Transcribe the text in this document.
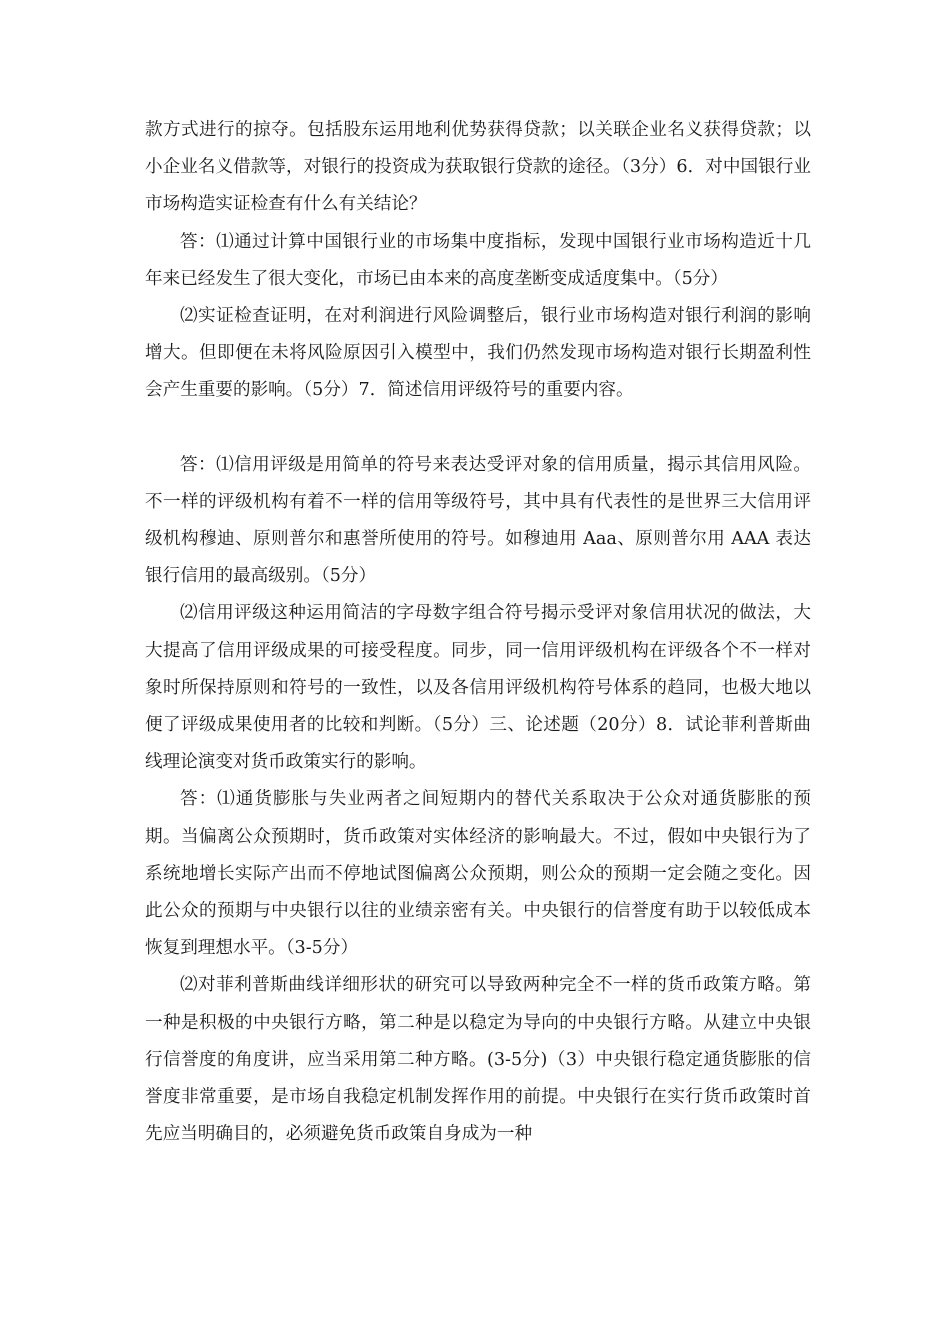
款方式进行的掠夺。包括股东运用地利优势获得贷款；以关联企业名义获得贷款；以小企业名义借款等，对银行的投资成为获取银行贷款的途径。（3分）6．对中国银行业市场构造实证检查有什么有关结论？

答：⑴通过计算中国银行业的市场集中度指标，发现中国银行业市场构造近十几年来已经发生了很大变化，市场已由本来的高度垄断变成适度集中。（5分）

⑵实证检查证明，在对利润进行风险调整后，银行业市场构造对银行利润的影响增大。但即便在未将风险原因引入模型中，我们仍然发现市场构造对银行长期盈利性会产生重要的影响。（5分）7．简述信用评级符号的重要内容。

答：⑴信用评级是用简单的符号来表达受评对象的信用质量，揭示其信用风险。不一样的评级机构有着不一样的信用等级符号，其中具有代表性的是世界三大信用评级机构穆迪、原则普尔和惠誉所使用的符号。如穆迪用 Aaa、原则普尔用 AAA 表达银行信用的最高级别。（5分）

⑵信用评级这种运用简洁的字母数字组合符号揭示受评对象信用状况的做法，大大提高了信用评级成果的可接受程度。同步，同一信用评级机构在评级各个不一样对象时所保持原则和符号的一致性，以及各信用评级机构符号体系的趋同，也极大地以便了评级成果使用者的比较和判断。（5分）三、论述题（20分）8．试论菲利普斯曲线理论演变对货币政策实行的影响。

答：⑴通货膨胀与失业两者之间短期内的替代关系取决于公众对通货膨胀的预期。当偏离公众预期时，货币政策对实体经济的影响最大。不过，假如中央银行为了系统地增长实际产出而不停地试图偏离公众预期，则公众的预期一定会随之变化。因此公众的预期与中央银行以往的业绩亲密有关。中央银行的信誉度有助于以较低成本恢复到理想水平。（3-5分）

⑵对菲利普斯曲线详细形状的研究可以导致两种完全不一样的货币政策方略。第一种是积极的中央银行方略，第二种是以稳定为导向的中央银行方略。从建立中央银行信誉度的角度讲，应当采用第二种方略。(3-5分)（3）中央银行稳定通货膨胀的信誉度非常重要，是市场自我稳定机制发挥作用的前提。中央银行在实行货币政策时首先应当明确目的，必须避免货币政策自身成为一种
